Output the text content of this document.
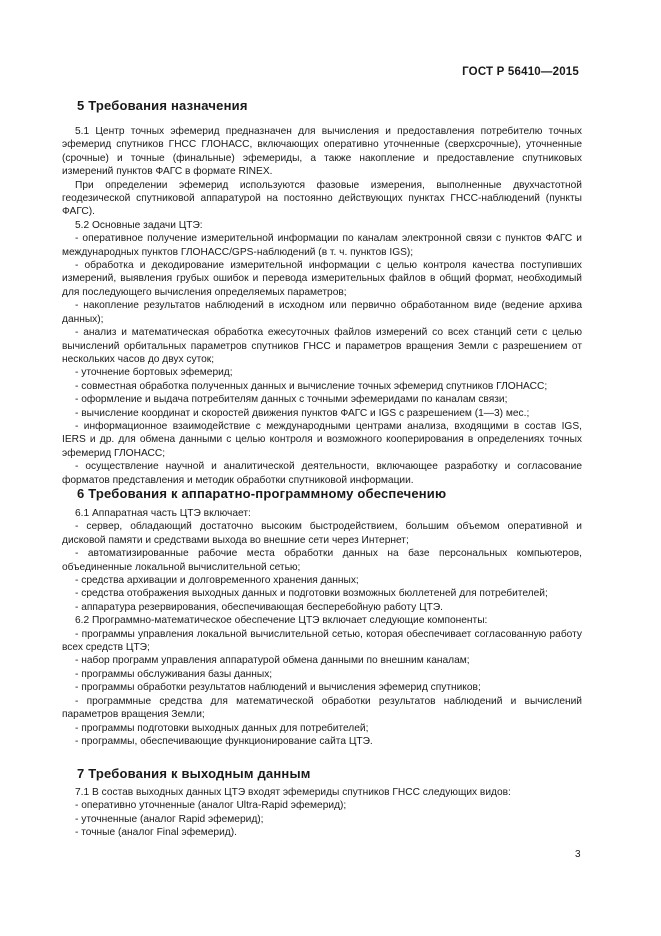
ГОСТ Р 56410—2015
5 Требования назначения

5.1 Центр точных эфемерид предназначен для вычисления и предоставления потребителю точных эфемерид спутников ГНСС ГЛОНАСС, включающих оперативно уточненные (сверхсрочные), уточненные (срочные) и точные (финальные) эфемериды, а также накопление и предоставление спутниковых измерений пунктов ФАГС в формате RINEX.

При определении эфемерид используются фазовые измерения, выполненные двухчастотной геодезической спутниковой аппаратурой на постоянно действующих пунктах ГНСС-наблюдений (пункты ФАГС).

5.2 Основные задачи ЦТЭ:

- оперативное получение измерительной информации по каналам электронной связи с пунктов ФАГС и международных пунктов ГЛОНАСС/GPS-наблюдений (в т. ч. пунктов IGS);

- обработка и декодирование измерительной информации с целью контроля качества поступивших измерений, выявления грубых ошибок и перевода измерительных файлов в общий формат, необходимый для последующего вычисления определяемых параметров;

- накопление результатов наблюдений в исходном или первично обработанном виде (ведение архива данных);

- анализ и математическая обработка ежесуточных файлов измерений со всех станций сети с целью вычислений орбитальных параметров спутников ГНСС и параметров вращения Земли с разрешением от нескольких часов до двух суток;

- уточнение бортовых эфемерид;

- совместная обработка полученных данных и вычисление точных эфемерид спутников ГЛОНАСС;

- оформление и выдача потребителям данных с точными эфемеридами по каналам связи;

- вычисление координат и скоростей движения пунктов ФАГС и IGS с разрешением (1—3) мес.;

- информационное взаимодействие с международными центрами анализа, входящими в состав IGS, IERS и др. для обмена данными с целью контроля и возможного кооперирования в определениях точных эфемерид ГЛОНАСС;

- осуществление научной и аналитической деятельности, включающее разработку и согласование форматов представления и методик обработки спутниковой информации.

6 Требования к аппаратно-программному обеспечению

6.1 Аппаратная часть ЦТЭ включает:

- сервер, обладающий достаточно высоким быстродействием, большим объемом оперативной и дисковой памяти и средствами выхода во внешние сети через Интернет;

- автоматизированные рабочие места обработки данных на базе персональных компьютеров, объединенные локальной вычислительной сетью;

- средства архивации и долговременного хранения данных;

- средства отображения выходных данных и подготовки возможных бюллетеней для потребителей;

- аппаратура резервирования, обеспечивающая бесперебойную работу ЦТЭ.

6.2 Программно-математическое обеспечение ЦТЭ включает следующие компоненты:

- программы управления локальной вычислительной сетью, которая обеспечивает согласованную работу всех средств ЦТЭ;

- набор программ управления аппаратурой обмена данными по внешним каналам;

- программы обслуживания базы данных;

- программы обработки результатов наблюдений и вычисления эфемерид спутников;

- программные средства для математической обработки результатов наблюдений и вычислений параметров вращения Земли;

- программы подготовки выходных данных для потребителей;

- программы, обеспечивающие функционирование сайта ЦТЭ.

7 Требования к выходным данным

7.1 В состав выходных данных ЦТЭ входят эфемериды спутников ГНСС следующих видов:

- оперативно уточненные (аналог Ultra-Rapid эфемерид);

- уточненные (аналог Rapid эфемерид);

- точные (аналог Final эфемерид).

3
